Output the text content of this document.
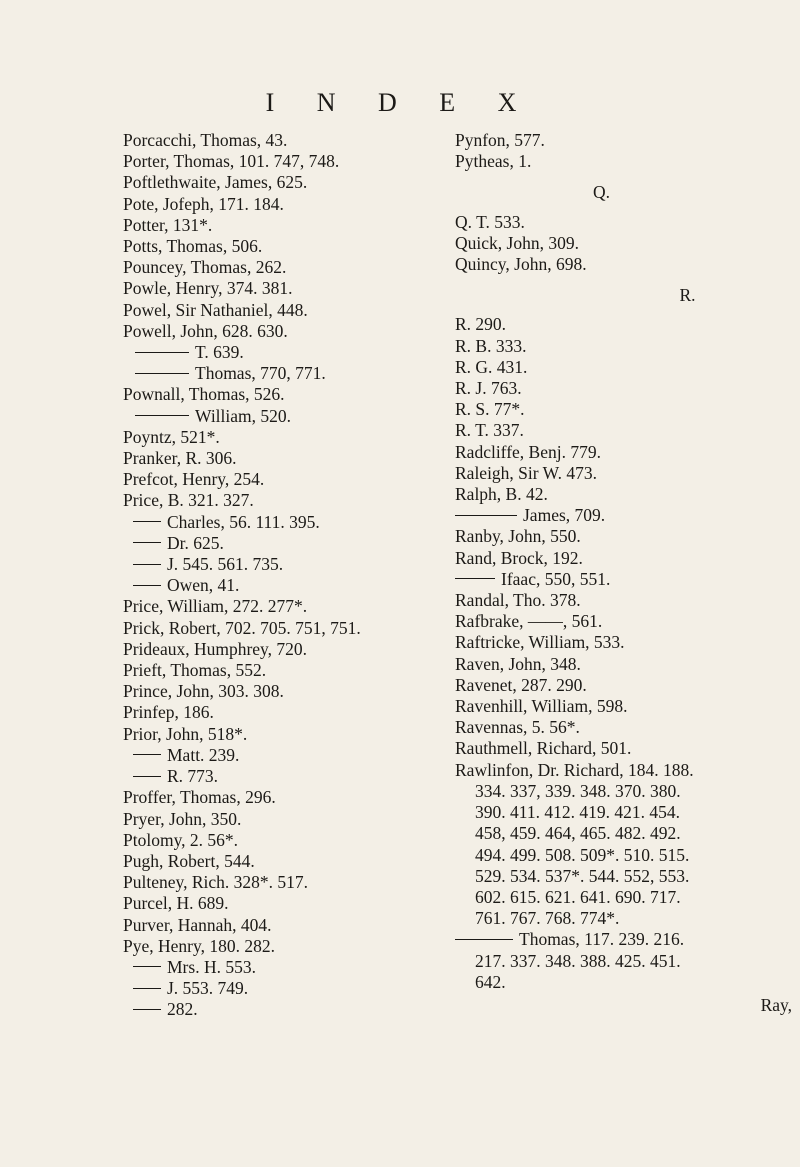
I N D E X
Porcacchi, Thomas, 43.
Porter, Thomas, 101. 747, 748.
Poftlethwaite, James, 625.
Pote, Jofeph, 171. 184.
Potter, 131*.
Potts, Thomas, 506.
Pouncey, Thomas, 262.
Powle, Henry, 374. 381.
Powel, Sir Nathaniel, 448.
Powell, John, 628. 630.
T. 639.
Thomas, 770, 771.
Pownall, Thomas, 526.
William, 520.
Poyntz, 521*.
Pranker, R. 306.
Prefcot, Henry, 254.
Price, B. 321. 327.
Charles, 56. 111. 395.
Dr. 625.
J. 545. 561. 735.
Owen, 41.
Price, William, 272. 277*.
Prick, Robert, 702. 705. 751, 751.
Prideaux, Humphrey, 720.
Prieft, Thomas, 552.
Prince, John, 303. 308.
Prinfep, 186.
Prior, John, 518*.
Matt. 239.
R. 773.
Proffer, Thomas, 296.
Pryer, John, 350.
Ptolomy, 2. 56*.
Pugh, Robert, 544.
Pulteney, Rich. 328*. 517.
Purcel, H. 689.
Purver, Hannah, 404.
Pye, Henry, 180. 282.
Mrs. H. 553.
J. 553. 749.
282.
Pynfon, 577.
Pytheas, 1.
Q.
Q. T. 533.
Quick, John, 309.
Quincy, John, 698.
R.
R. 290.
R. B. 333.
R. G. 431.
R. J. 763.
R. S. 77*.
R. T. 337.
Radcliffe, Benj. 779.
Raleigh, Sir W. 473.
Ralph, B. 42.
James, 709.
Ranby, John, 550.
Rand, Brock, 192.
Ifaac, 550, 551.
Randal, Tho. 378.
Rafbrake, ——, 561.
Raftricke, William, 533.
Raven, John, 348.
Ravenet, 287. 290.
Ravenhill, William, 598.
Ravennas, 5. 56*.
Rauthmell, Richard, 501.
Rawlinfon, Dr. Richard, 184. 188.
334. 337, 339. 348. 370. 380.
390. 411. 412. 419. 421. 454.
458, 459. 464, 465. 482. 492.
494. 499. 508. 509*. 510. 515.
529. 534. 537*. 544. 552, 553.
602. 615. 621. 641. 690. 717.
761. 767. 768. 774*.
Thomas, 117. 239. 216.
217. 337. 348. 388. 425. 451.
642.
Ray,
